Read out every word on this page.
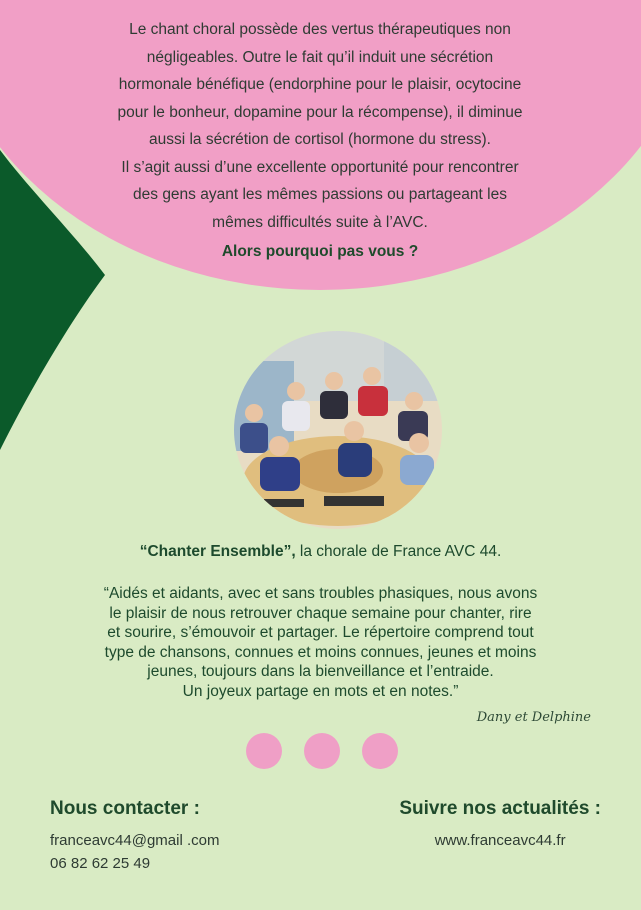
Le chant choral possède des vertus thérapeutiques non

négligeables. Outre le fait qu’il induit une sécrétion

hormonale bénéfique (endorphine pour le plaisir, ocytocine

pour le bonheur, dopamine pour la récompense), il diminue

aussi la sécrétion de cortisol (hormone du stress).

Il s’agit aussi d’une excellente opportunité pour rencontrer

des gens ayant les mêmes passions ou partageant les

mêmes difficultés suite à l’AVC.

Alors pourquoi pas vous ?

“Chanter Ensemble”, la chorale de France AVC 44.

“Aidés et aidants, avec et sans troubles phasiques, nous avons

le plaisir de nous retrouver chaque semaine pour chanter, rire

et sourire, s’émouvoir et partager. Le répertoire comprend tout

type de chansons, connues et moins connues, jeunes et moins

jeunes, toujours dans la bienveillance et l’entraide.

Un joyeux partage en mots et en notes.”

Dany et Delphine
Nous contacter :
franceavc44@gmail .com
06 82 62 25 49
Suivre nos actualités :
www.franceavc44.fr
